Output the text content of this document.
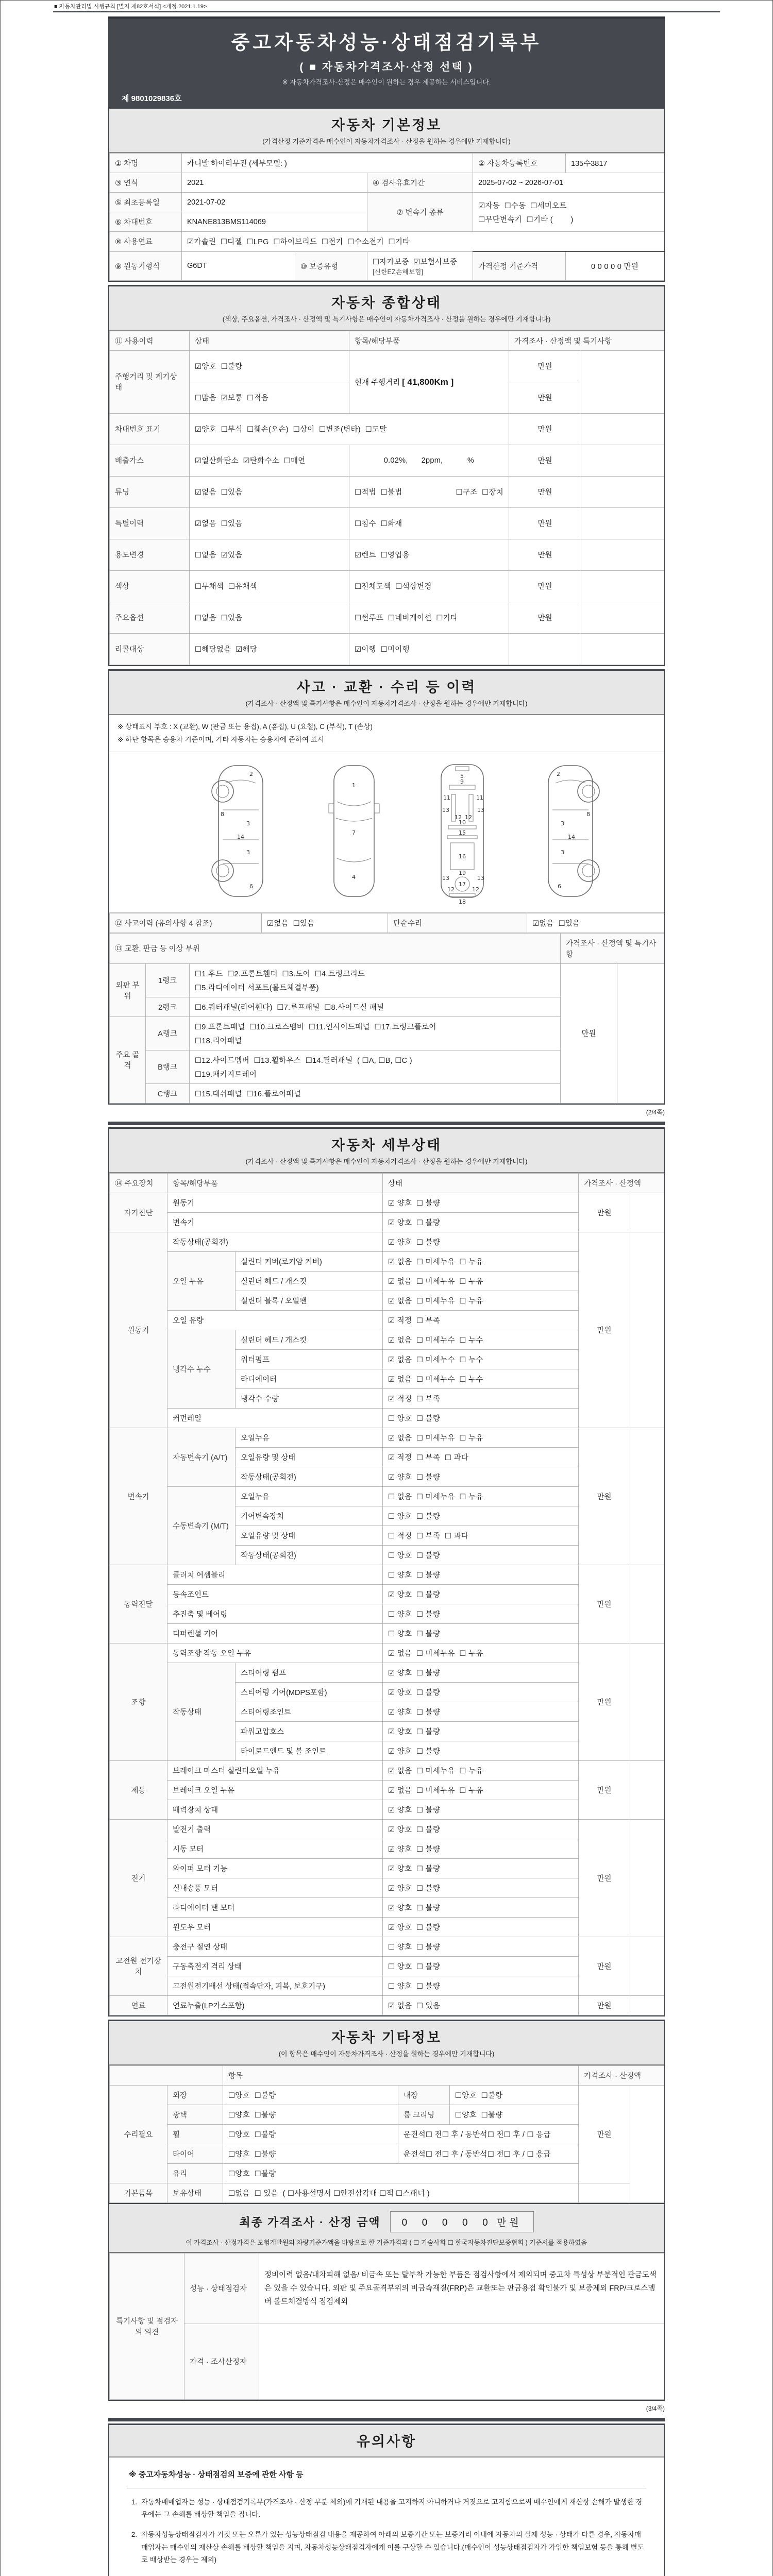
■ 자동차관리법 시행규칙 [별지 제82호서식] <개정 2021.1.19>
중고자동차성능·상태점검기록부
( ■ 자동차가격조사·산정 선택 )
※ 자동차가격조사·산정은 매수인이 원하는 경우 제공하는 서비스입니다.
제 9801029836호
자동차 기본정보
(가격산정 기준가격은 매수인이 자동차가격조사 · 산정을 원하는 경우에만 기재합니다)
① 차명	카니발 하이리무진 (세부모델: )			② 자동차등록번호	135수3817
③ 연식	2021		④ 검사유효기간	2025-07-02 ~ 2026-07-01	
⑤ 최초등록일	2021-07-02		⑦ 변속기 종류	☑자동  ☐수동  ☐세미오토
☐무단변속기  ☐기타 (        )	

⑥ 차대번호	KNANE813BMS114069				
⑧ 사용연료	☑가솔린  ☐디젤  ☐LPG  ☐하이브리드  ☐전기  ☐수소전기  ☐기타				
⑨ 원동기형식	G6DT	⑩ 보증유형	☐자가보증  ☑보험사보증 [신한EZ손해보험]	가격산정 기준가격	0 0 0 0 0 만원
자동차 종합상태
(색상, 주요옵션, 가격조사 · 산정액 및 특기사항은 매수인이 자동차가격조사 · 산정을 원하는 경우에만 기재합니다)
⑪ 사용이력	상태	항목/해당부품	가격조사 · 산정액 및 특기사항	
주행거리 및 계기상태	☑양호  ☐불량	현재 주행거리 [ 41,800Km ]	만원	
	☐많음  ☑보통  ☐적음		만원	
차대번호 표기	☑양호  ☐부식  ☐훼손(오손)  ☐상이  ☐변조(변타)  ☐도말		만원	
배출가스	☑일산화탄소  ☑탄화수소  ☐매연	0.02%,      2ppm,           %	만원	
튜닝	☑없음  ☐있음	☐적법  ☐불법 ☐구조  ☐장치	만원	
특별이력	☑없음  ☐있음	☐침수  ☐화재	만원	
용도변경	☐없음  ☑있음	☑렌트  ☐영업용	만원	
색상	☐무채색  ☐유채색	☐전체도색  ☐색상변경	만원	
주요옵션	☐없음  ☐있음	☐썬루프  ☐네비게이션  ☐기타	만원	
리콜대상	☐해당없음  ☑해당	☑이행  ☐미이행		
사고 · 교환 · 수리 등 이력
(가격조사 · 산정액 및 특기사항은 매수인이 자동차가격조사 · 산정을 원하는 경우에만 기재합니다)
※ 상태표시 부호 : X (교환), W (판금 또는 용접), A (흠집), U (요철), C (부식), T (손상)
※ 하단 항목은 승용차 기준이며, 기타 자동차는 승용차에 준하여 표시
2
8
3
14
3
6
1
7
4
5
9
11	11
13	13
12 12
10
15
16
19
13	13
12	12
17
18
2
8
3
14
3
6
⑫ 사고이력 (유의사항 4 참조)	☑없음  ☐있음	단순수리	☑없음  ☐있음
⑬ 교환, 판금 등 이상 부위			가격조사 · 산정액 및 특기사항	
외판 부위	1랭크	☐1.후드  ☐2.프론트휀더  ☐3.도어  ☐4.트렁크리드
☐5.라디에이터 서포트(볼트체결부품)	만원	
	2랭크	☐6.쿼터패널(리어휀다)  ☐7.루프패널  ☐8.사이드실 패널		
주요 골격	A랭크	☐9.프론트패널  ☐10.크로스멤버  ☐11.인사이드패널  ☐17.트렁크플로어
☐18.리어패널		

	B랭크	☐12.사이드멤버  ☐13.휠하우스  ☐14.필러패널  ( ☐A, ☐B, ☐C )
☐19.패키지트레이		

	C랭크	☐15.대쉬패널  ☐16.플로어패널		
(2/4쪽)
자동차 세부상태
(가격조사 · 산정액 및 특기사항은 매수인이 자동차가격조사 · 산정을 원하는 경우에만 기재합니다)
⑭ 주요장치	항목/해당부품		상태	가격조사 · 산정액	
자기진단	원동기		☑ 양호  ☐ 불량	만원	
	변속기		☑ 양호  ☐ 불량		
원동기	작동상태(공회전)		☑ 양호  ☐ 불량	만원	
	오일 누유	실린더 커버(로커암 커버)	☑ 없음  ☐ 미세누유  ☐ 누유		
		실린더 헤드 / 개스킷	☑ 없음  ☐ 미세누유  ☐ 누유		
		실린더 블록 / 오일팬	☑ 없음  ☐ 미세누유  ☐ 누유		
	오일 유량		☑ 적정  ☐ 부족		
	냉각수 누수	실린더 헤드 / 개스킷	☑ 없음  ☐ 미세누수  ☐ 누수		
		워터펌프	☑ 없음  ☐ 미세누수  ☐ 누수		
		라디에이터	☑ 없음  ☐ 미세누수  ☐ 누수		
		냉각수 수량	☑ 적정  ☐ 부족		
	커먼레일		☐ 양호  ☐ 불량		
변속기	자동변속기 (A/T)	오일누유	☑ 없음  ☐ 미세누유  ☐ 누유	만원	
		오일유량 및 상태	☑ 적정  ☐ 부족  ☐ 과다		
		작동상태(공회전)	☑ 양호  ☐ 불량		
	수동변속기 (M/T)	오일누유	☐ 없음  ☐ 미세누유  ☐ 누유		
		기어변속장치	☐ 양호  ☐ 불량		
		오일유량 및 상태	☐ 적정  ☐ 부족  ☐ 과다		
		작동상태(공회전)	☐ 양호  ☐ 불량		
동력전달	클러치 어셈블리		☐ 양호  ☐ 불량	만원	
	등속조인트		☑ 양호  ☐ 불량		
	추진축 및 베어링		☐ 양호  ☐ 불량		
	디퍼렌셜 기어		☐ 양호  ☐ 불량		
조향	동력조향 작동 오일 누유		☑ 없음  ☐ 미세누유  ☐ 누유	만원	
	작동상태	스티어링 펌프	☑ 양호  ☐ 불량		
		스티어링 기어(MDPS포함)	☑ 양호  ☐ 불량		
		스티어링조인트	☑ 양호  ☐ 불량		
		파워고압호스	☑ 양호  ☐ 불량		
		타이로드엔드 및 볼 조인트	☑ 양호  ☐ 불량		
제동	브레이크 마스터 실린더오일 누유		☑ 없음  ☐ 미세누유  ☐ 누유	만원	
	브레이크 오일 누유		☑ 없음  ☐ 미세누유  ☐ 누유		
	배력장치 상태		☑ 양호  ☐ 불량		
전기	발전기 출력		☑ 양호  ☐ 불량	만원	
	시동 모터		☑ 양호  ☐ 불량		
	와이퍼 모터 기능		☑ 양호  ☐ 불량		
	실내송풍 모터		☑ 양호  ☐ 불량		
	라디에이터 팬 모터		☑ 양호  ☐ 불량		
	윈도우 모터		☑ 양호  ☐ 불량		
고전원 전기장치	충전구 절연 상태		☐ 양호  ☐ 불량	만원	
	구동축전지 격리 상태		☐ 양호  ☐ 불량		
	고전원전기배선 상태(접속단자, 피복, 보호기구)		☐ 양호  ☐ 불량		
연료	연료누출(LP가스포함)		☑ 없음  ☐ 있음	만원	
자동차 기타정보
(이 항목은 매수인이 자동차가격조사 · 산정을 원하는 경우에만 기재합니다)
		항목			가격조사 · 산정액	
수리필요	외장	☐양호  ☐불량	내장	☐양호  ☐불량	만원	
	광택	☐양호  ☐불량	룸 크리닝	☐양호  ☐불량		
	휠	☐양호  ☐불량	운전석☐ 전☐ 후 / 동반석☐ 전☐ 후 / ☐ 응급			
	타이어	☐양호  ☐불량	운전석☐ 전☐ 후 / 동반석☐ 전☐ 후 / ☐ 응급			
	유리	☐양호  ☐불량				
기본품목	보유상태	☐없음  ☐ 있음  ( ☐사용설명서 ☐안전삼각대 ☐잭 ☐스패너 )				
최종 가격조사 · 산정 금액	0  0  0  0  0 만원
이 가격조사 · 산정가격은 보험개발원의 차량기준가액을 바탕으로 한 기준가격과 ( ☐ 기술사회 ☐ 한국자동차진단보증협회 ) 기준서를 적용하였음
특기사항 및 점검자의 의견	성능 · 상태점검자	정비이력 없음/내차피해 없음/ 비금속 또는 탈부착 가능한 부품은 점검사항에서 제외되며 중고차 특성상 부분적인 판금도색은 있을 수 있습니다. 외판 및 주요골격부위의 비금속재질(FRP)은 교환또는 판금용접 확인불가 및 보증제외 FRP/크로스멤버 볼트체결방식 점검제외
	가격 · 조사산정자	
(3/4쪽)
유의사항
※ 중고자동차성능 · 상태점검의 보증에 관한 사항 등
1. 자동차매매업자는 성능 · 상태점검기록부(가격조사 · 산정 부분 제외)에 기재된 내용을 고지하지 아니하거나 거짓으로 고지함으로써 매수인에게 재산상 손해가 발생한 경우에는 그 손해를 배상할 책임을 집니다.
2. 자동차성능상태점검자가 거짓 또는 오류가 있는 성능상태점검 내용을 제공하여 아래의 보증기간 또는 보증거리 이내에 자동차의 실제 성능 · 상태가 다른 경우, 자동차매매업자는 매수인의 재산상 손해를 배상할 책임을 지며, 자동차성능상태점검자에게 이를 구상할 수 있습니다.(매수인이 성능상태점검자가 가입한 책임보험 등을 통해 별도로 배상받는 경우는 제외)
